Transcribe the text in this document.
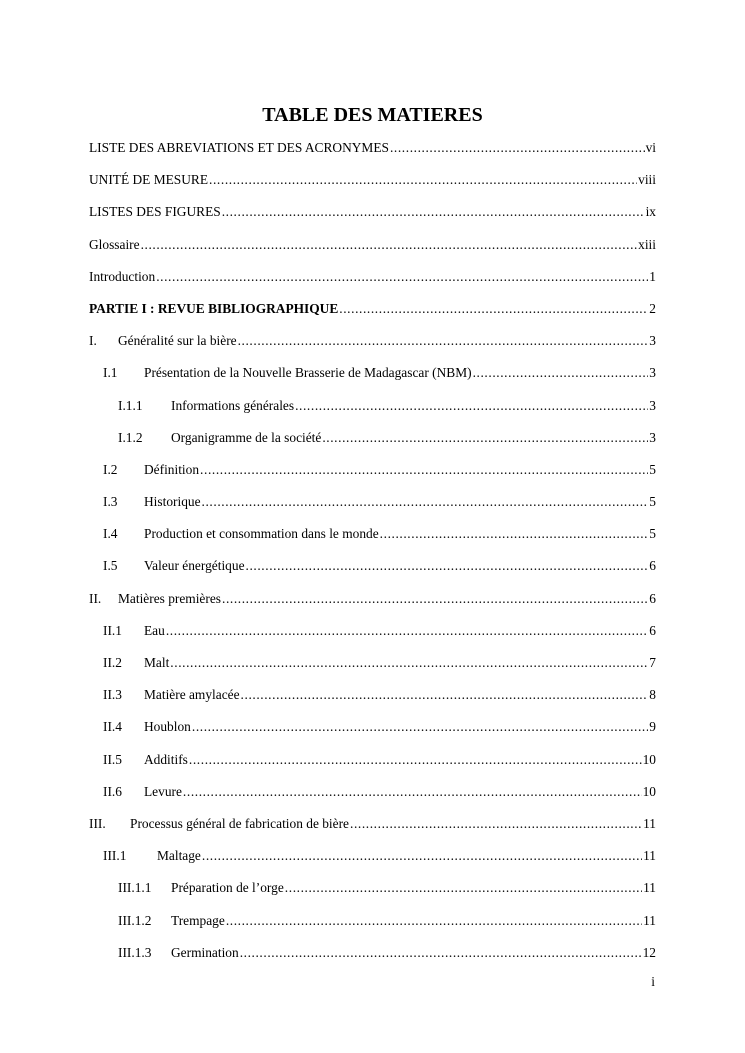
TABLE DES MATIERES
LISTE DES ABREVIATIONS ET DES ACRONYMES .....	vi
UNITÉ DE MESURE .....	viii
LISTES DES FIGURES .....	ix
Glossaire .....	xiii
Introduction .....	1
PARTIE I : REVUE BIBLIOGRAPHIQUE .....	2
I.	Généralité sur la bière .....	3
I.1	Présentation de la Nouvelle Brasserie de Madagascar (NBM) .....	3
I.1.1	Informations générales .....	3
I.1.2	Organigramme de la société .....	3
I.2	Définition .....	5
I.3	Historique .....	5
I.4	Production et consommation dans le monde .....	5
I.5	Valeur énergétique .....	6
II.	Matières premières .....	6
II.1	Eau .....	6
II.2	Malt .....	7
II.3	Matière amylacée .....	8
II.4	Houblon .....	9
II.5	Additifs .....	10
II.6	Levure .....	10
III.	Processus général de fabrication de bière .....	11
III.1	Maltage .....	11
III.1.1	Préparation de l’orge .....	11
III.1.2	Trempage .....	11
III.1.3	Germination .....	12
i
